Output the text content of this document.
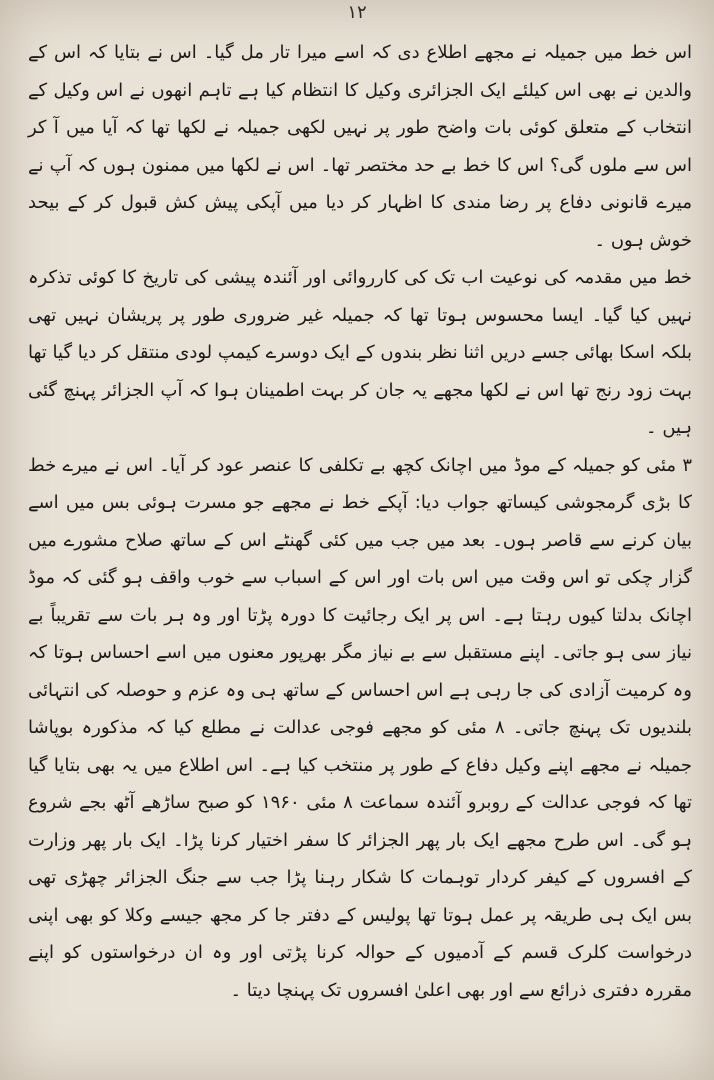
۱۲

اس خط میں جمیلہ نے مجھے اطلاع دی کہ اسے میرا تار مل گیا۔ اس نے بتایا کہ اس کے والدین نے بھی اس کیلئے ایک الجزائری وکیل کا انتظام کیا ہے تاہم انھوں نے اس وکیل کے انتخاب کے متعلق کوئی بات واضح طور پر نہیں لکھی جمیلہ نے لکھا تھا کہ آیا میں آ کر اس سے ملوں گی؟ اس کا خط بے حد مختصر تھا۔ اس نے لکھا میں ممنون ہوں کہ آپ نے میرے قانونی دفاع پر رضا مندی کا اظہار کر دیا میں آپکی پیش کش قبول کر کے بیحد خوش ہوں ۔

خط میں مقدمہ کی نوعیت اب تک کی کارروائی اور آئندہ پیشی کی تاریخ کا کوئی تذکرہ نہیں کیا گیا۔ ایسا محسوس ہوتا تھا کہ جمیلہ غیر ضروری طور پر پریشان نہیں تھی بلکہ اسکا بھائی جسے دریں اثنا نظر بندوں کے ایک دوسرے کیمپ لودی منتقل کر دیا گیا تھا بہت زود رنج تھا اس نے لکھا مجھے یہ جان کر بہت اطمینان ہوا کہ آپ الجزائر پہنچ گئی ہیں ۔

۳ مئی کو جمیلہ کے موڈ میں اچانک کچھ بے تکلفی کا عنصر عود کر آیا۔ اس نے میرے خط کا بڑی گرمجوشی کیساتھ جواب دیا: آپکے خط نے مجھے جو مسرت ہوئی بس میں اسے بیان کرنے سے قاصر ہوں۔ بعد میں جب میں کئی گھنٹے اس کے ساتھ صلاح مشورے میں گزار چکی تو اس وقت میں اس بات اور اس کے اسباب سے خوب واقف ہو گئی کہ موڈ اچانک بدلتا کیوں رہتا ہے۔ اس پر ایک رجائیت کا دورہ پڑتا اور وہ ہر بات سے تقریباً بے نیاز سی ہو جاتی۔ اپنے مستقبل سے بے نیاز مگر بھرپور معنوں میں اسے احساس ہوتا کہ وہ کرمیت آزادی کی جا رہی ہے اس احساس کے ساتھ ہی وہ عزم و حوصلہ کی انتہائی بلندیوں تک پہنچ جاتی۔ ۸ مئی کو مجھے فوجی عدالت نے مطلع کیا کہ مذکورہ بوپاشا جمیلہ نے مجھے اپنے وکیل دفاع کے طور پر منتخب کیا ہے۔ اس اطلاع میں یہ بھی بتایا گیا تھا کہ فوجی عدالت کے روبرو آئندہ سماعت ۸ مئی ۱۹۶۰ کو صبح ساڑھے آٹھ بجے شروع ہو گی۔ اس طرح مجھے ایک بار پھر الجزائر کا سفر اختیار کرنا پڑا۔ ایک بار پھر وزارت کے افسروں کے کیفر کردار توہمات کا شکار رہنا پڑا جب سے جنگ الجزائر چھڑی تھی بس ایک ہی طریقہ پر عمل ہوتا تھا پولیس کے دفتر جا کر مجھ جیسے وکلا کو بھی اپنی درخواست کلرک قسم کے آدمیوں کے حوالہ کرنا پڑتی اور وہ ان درخواستوں کو اپنے مقررہ دفتری ذرائع سے اور بھی اعلیٰ افسروں تک پہنچا دیتا ۔
